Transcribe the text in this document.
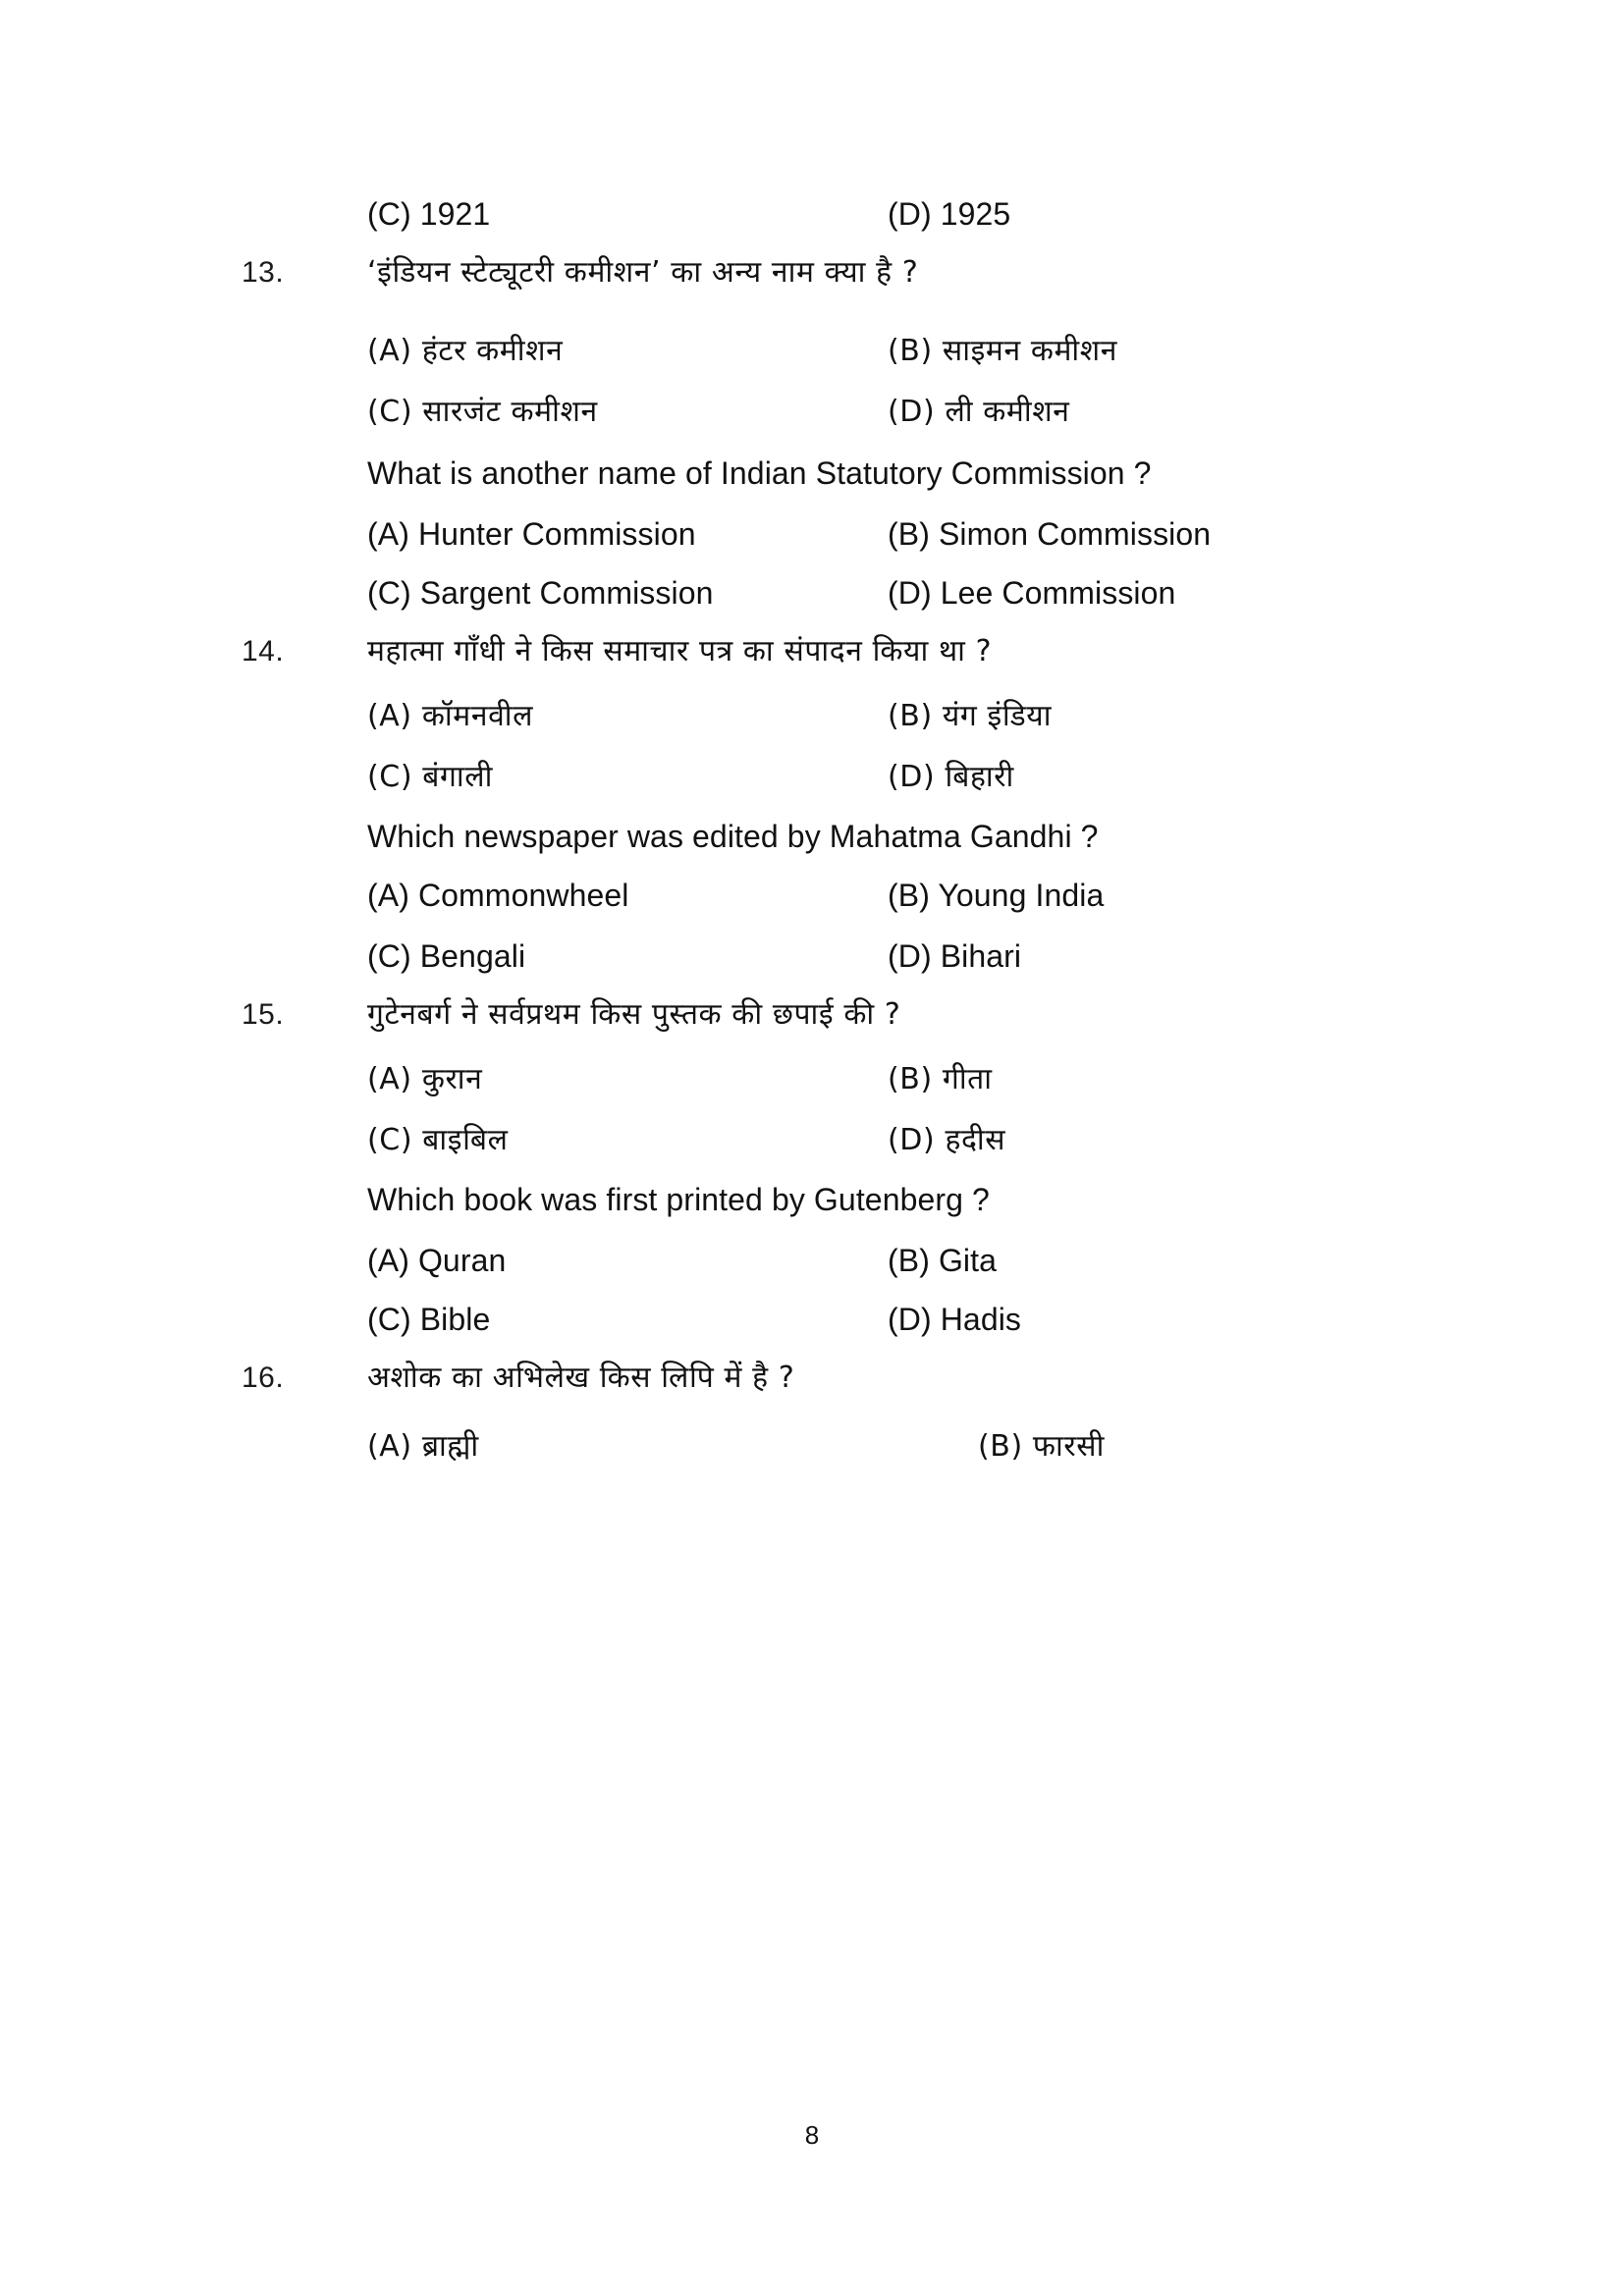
(C) 1921	(D) 1925
13.	‘इंडियन स्टेट्यूटरी कमीशन’ का अन्य नाम क्या है ?
(A) हंटर कमीशन	(B) साइमन कमीशन
(C) सारजंट कमीशन	(D) ली कमीशन
What is another name of Indian Statutory Commission ?
(A) Hunter Commission	(B) Simon Commission
(C) Sargent Commission	(D) Lee Commission
14.	महात्मा गाँधी ने किस समाचार पत्र का संपादन किया था ?
(A) कॉमनवील	(B) यंग इंडिया
(C) बंगाली	(D) बिहारी
Which newspaper was edited by Mahatma Gandhi ?
(A) Commonwheel	(B) Young India
(C) Bengali	(D) Bihari
15.	गुटेनबर्ग ने सर्वप्रथम किस पुस्तक की छपाई की ?
(A) कुरान	(B) गीता
(C) बाइबिल	(D) हदीस
Which book was first printed by Gutenberg ?
(A) Quran	(B) Gita
(C) Bible	(D) Hadis
16.	अशोक का अभिलेख किस लिपि में है ?
(A) ब्राह्मी	(B) फारसी
8
